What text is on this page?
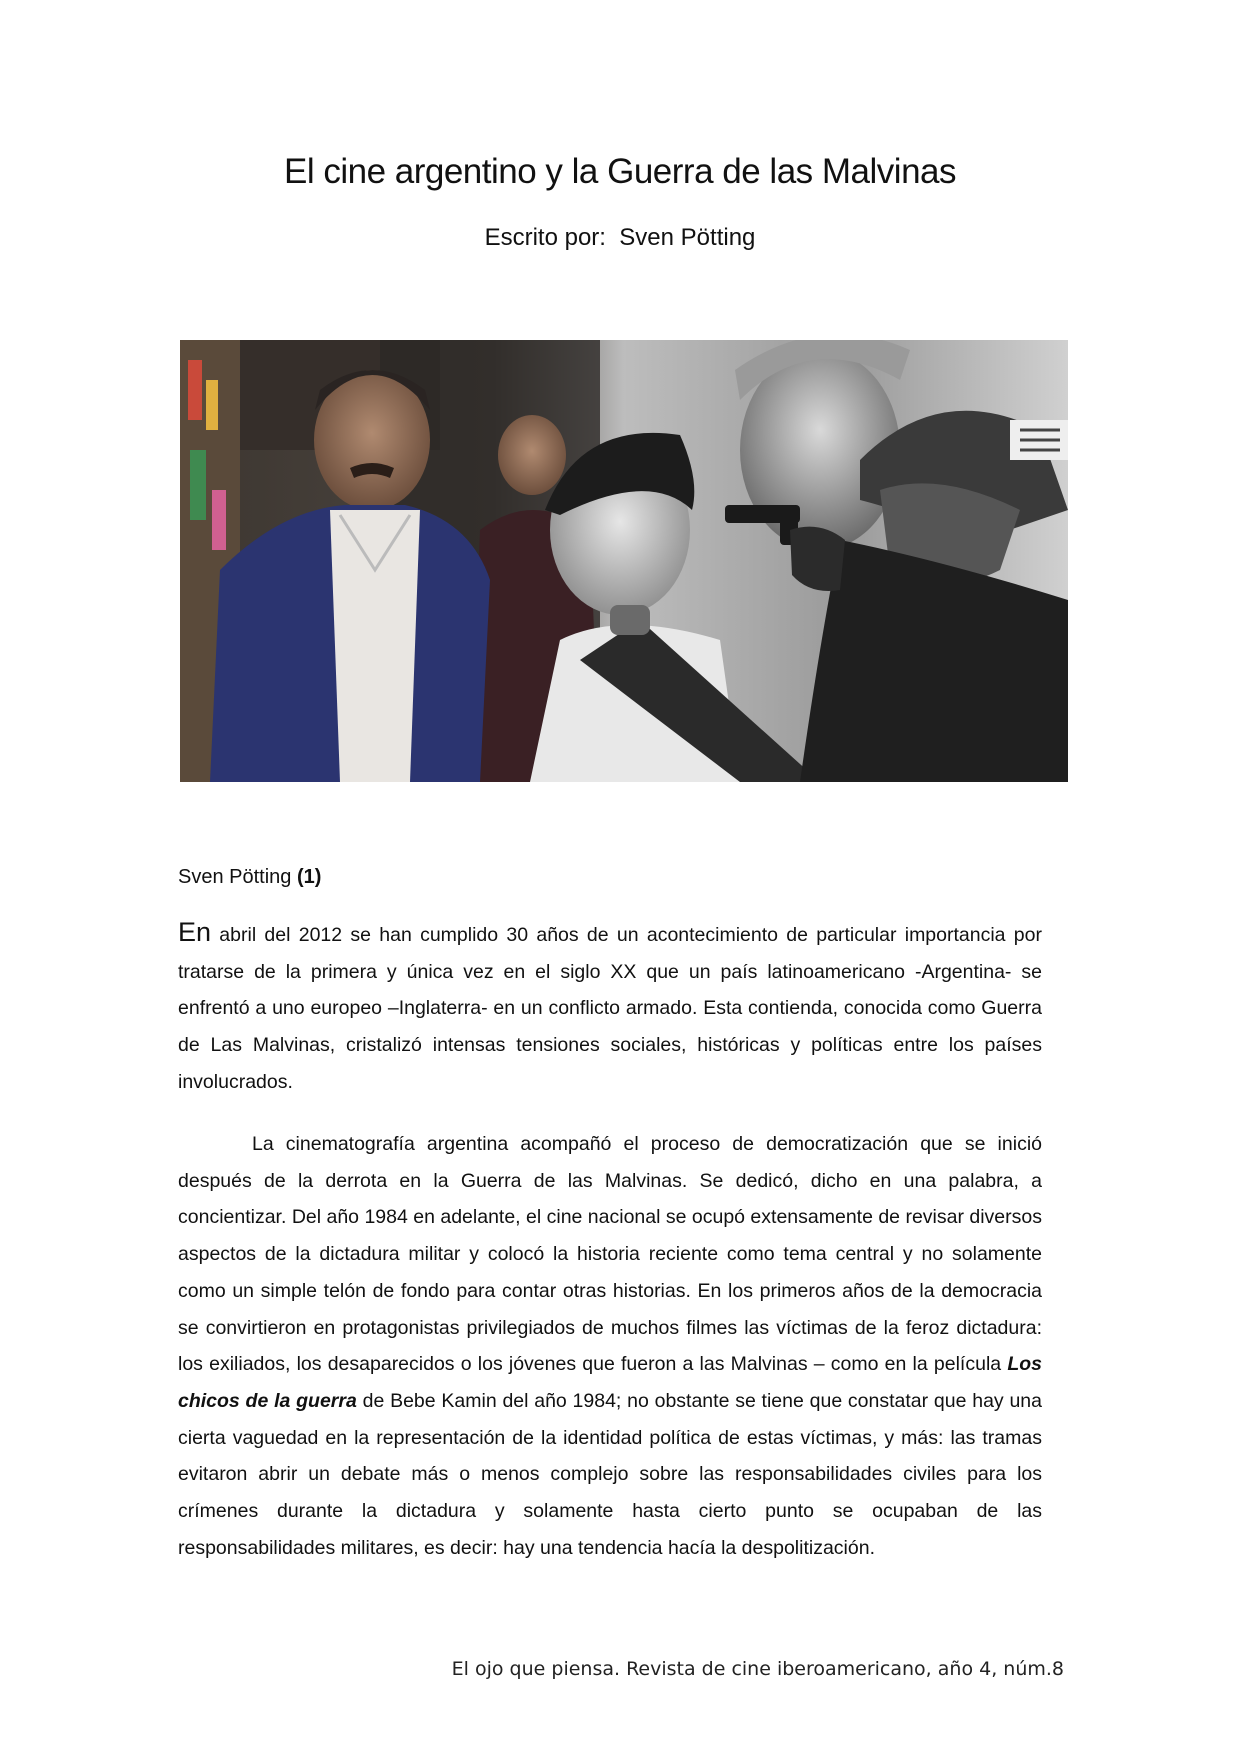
El cine argentino y la Guerra de las Malvinas
Escrito por:  Sven Pötting
Sven Pötting (1)

En abril del 2012 se han cumplido 30 años de un acontecimiento de particular importancia por tratarse de la primera y única vez en el siglo XX que un país latinoamericano -Argentina- se enfrentó a uno europeo –Inglaterra- en un conflicto armado. Esta contienda, conocida como Guerra de Las Malvinas, cristalizó intensas tensiones sociales, históricas y políticas entre los países involucrados.

La cinematografía argentina acompañó el proceso de democratización que se inició después de la derrota en la Guerra de las Malvinas. Se dedicó, dicho en una palabra, a concientizar. Del año 1984 en adelante, el cine nacional se ocupó extensamente de revisar diversos aspectos de la dictadura militar y colocó la historia reciente como tema central y no solamente como un simple telón de fondo para contar otras historias. En los primeros años de la democracia se convirtieron en protagonistas privilegiados de muchos filmes las víctimas de la feroz dictadura: los exiliados, los desaparecidos o los jóvenes que fueron a las Malvinas – como en la película Los chicos de la guerra de Bebe Kamin del año 1984; no obstante se tiene que constatar que hay una cierta vaguedad en la representación de la identidad política de estas víctimas, y más: las tramas evitaron abrir un debate más o menos complejo sobre las responsabilidades civiles para los crímenes durante la dictadura y solamente hasta cierto punto se ocupaban de las responsabilidades militares, es decir: hay una tendencia hacía la despolitización.

El ojo que piensa. Revista de cine iberoamericano, año 4, núm.8
